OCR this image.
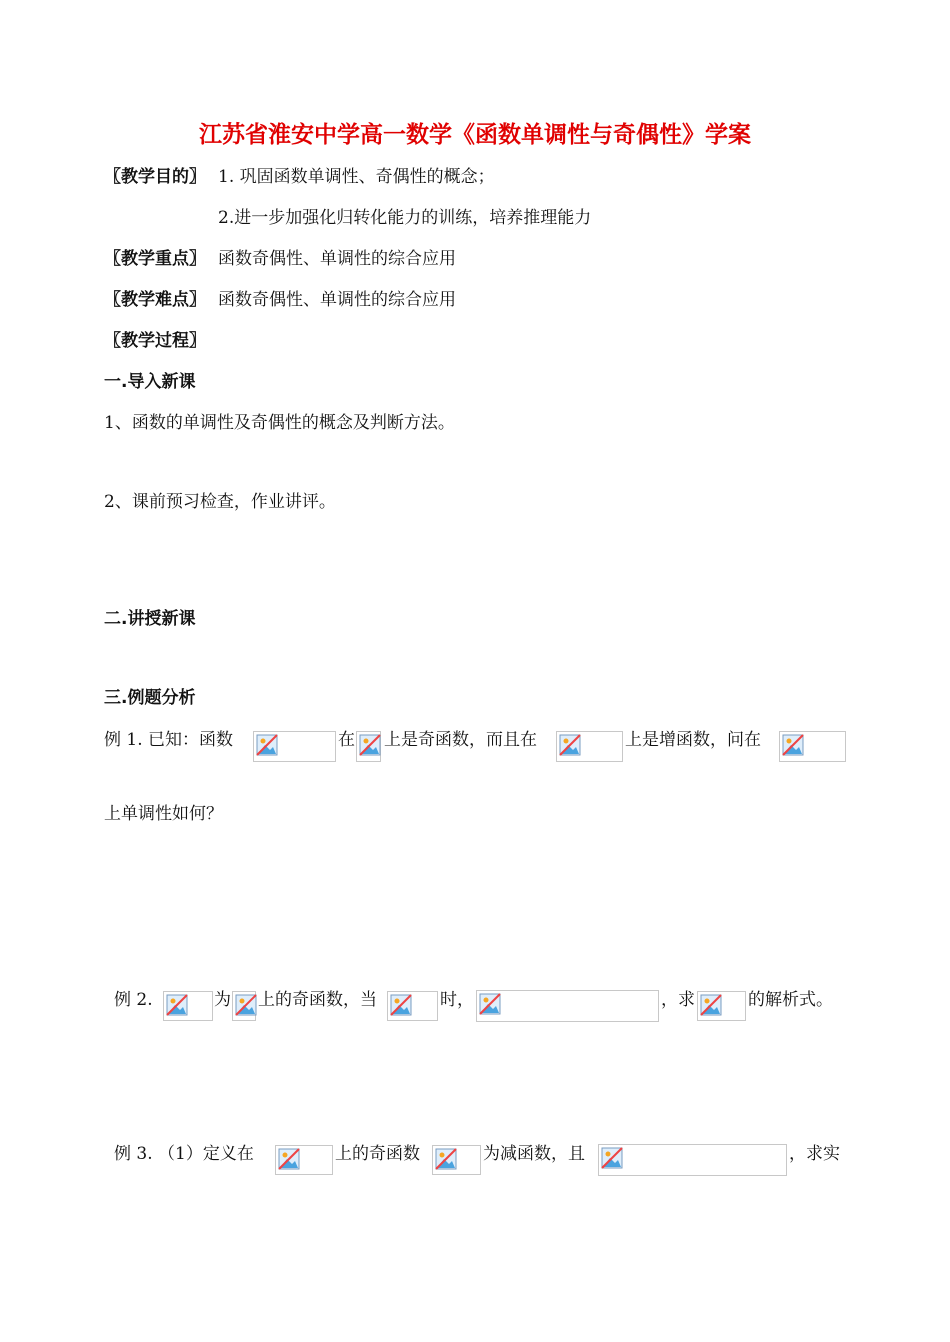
江苏省淮安中学高一数学《函数单调性与奇偶性》学案
〖教学目的〗 1. 巩固函数单调性、奇偶性的概念；
2.进一步加强化归转化能力的训练，培养推理能力
〖教学重点〗 函数奇偶性、单调性的综合应用
〖教学难点〗 函数奇偶性、单调性的综合应用
〖教学过程〗
一.导入新课
1、函数的单调性及奇偶性的概念及判断方法。
2、课前预习检查，作业讲评。
二.讲授新课
三.例题分析
例 1. 已知：函数	在 上是奇函数，而且在	上是增函数，问在
上单调性如何？
例 2.	为 上的奇函数，当	时，	，求	的解析式。
例 3. （1）定义在	上的奇函数	为减函数，且	，求实
